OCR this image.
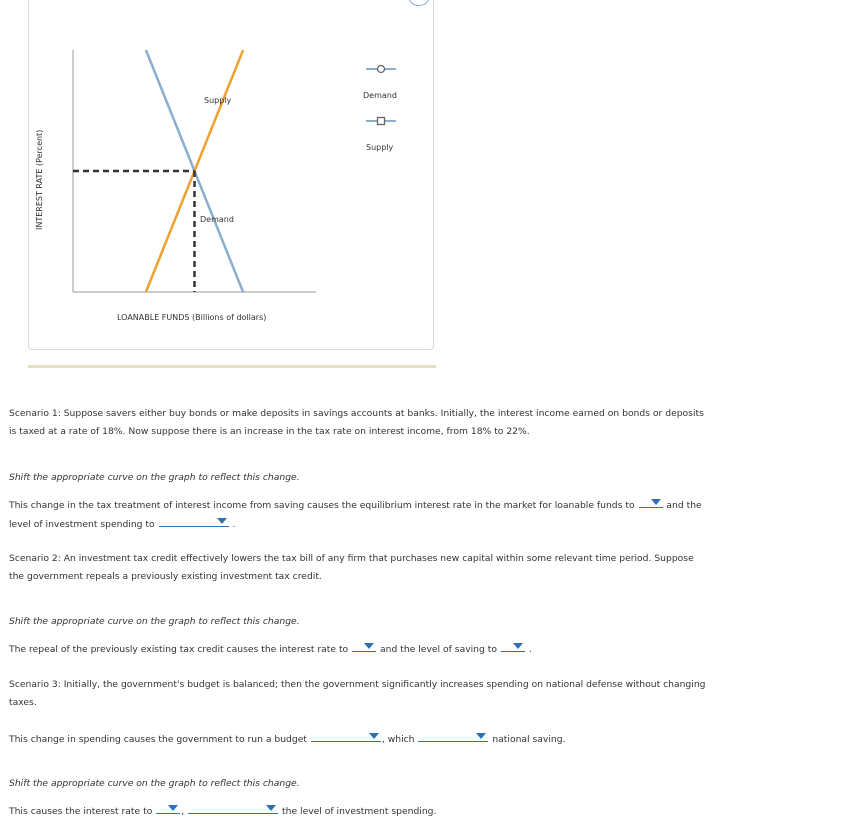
INTEREST RATE (Percent)
LOANABLE FUNDS (Billions of dollars)
Supply
Demand
Demand
Supply
Scenario 1: Suppose savers either buy bonds or make deposits in savings accounts at banks. Initially, the interest income earned on bonds or deposits is taxed at a rate of 18%. Now suppose there is an increase in the tax rate on interest income, from 18% to 22%.
Shift the appropriate curve on the graph to reflect this change.
This change in the tax treatment of interest income from saving causes the equilibrium interest rate in the market for loanable funds to	and the
level of investment spending to	.
Scenario 2: An investment tax credit effectively lowers the tax bill of any firm that purchases new capital within some relevant time period. Suppose the government repeals a previously existing investment tax credit.
Shift the appropriate curve on the graph to reflect this change.
The repeal of the previously existing tax credit causes the interest rate to	and the level of saving to	.
Scenario 3: Initially, the government's budget is balanced; then the government significantly increases spending on national defense without changing taxes.
This change in spending causes the government to run a budget	, which	national saving.
Shift the appropriate curve on the graph to reflect this change.
This causes the interest rate to	,	the level of investment spending.
